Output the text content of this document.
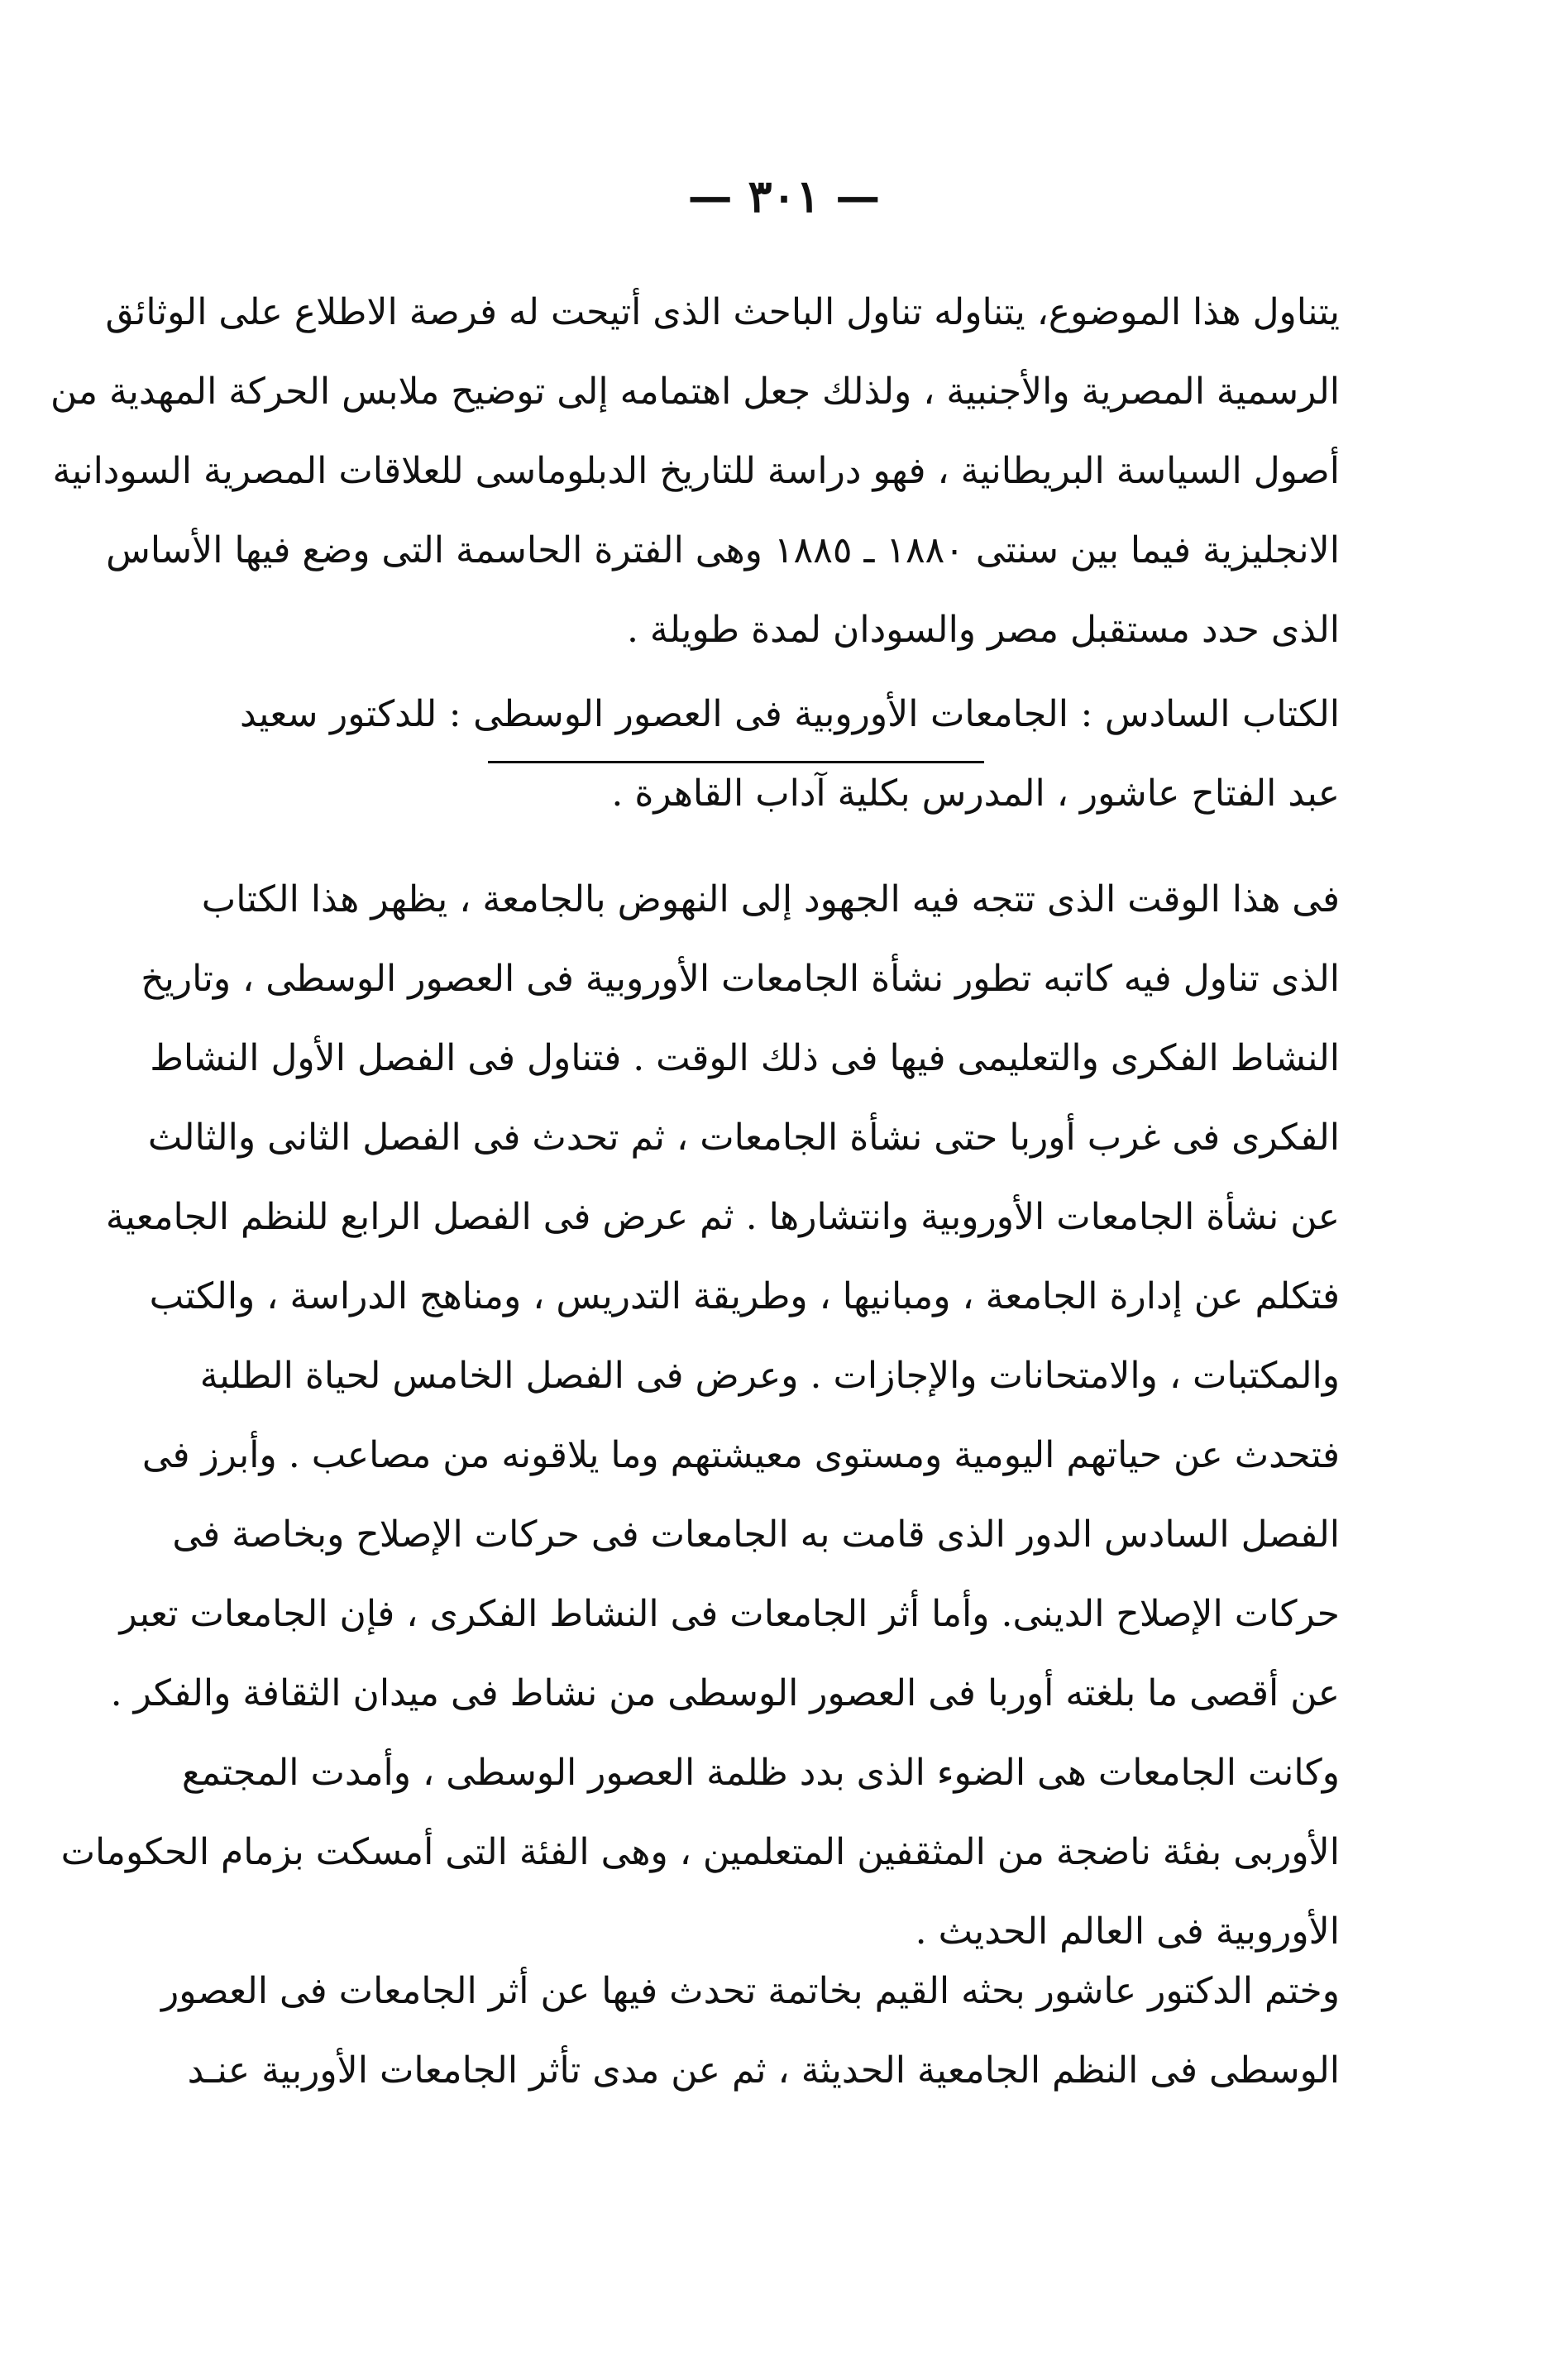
— ٣٠١ —
يتناول هذا الموضوع، يتناوله تناول الباحث الذى أتيحت له فرصة الاطلاع على الوثائق
الرسمية المصرية والأجنبية ، ولذلك جعل اهتمامه إلى توضيح ملابس الحركة المهدية من
أصول السياسة البريطانية ، فهو دراسة للتاريخ الدبلوماسى للعلاقات المصرية السودانية
الانجليزية فيما بين سنتى ١٨٨٠ ـ ١٨٨٥ وهى الفترة الحاسمة التى وضع فيها الأساس
الذى حدد مستقبل مصر والسودان لمدة طويلة .
الكتاب السادس : الجامعات الأوروبية فى العصور الوسطى : للدكتور سعيد
عبد الفتاح عاشور ، المدرس بكلية آداب القاهرة .
فى هذا الوقت الذى تتجه فيه الجهود إلى النهوض بالجامعة ، يظهر هذا الكتاب
الذى تناول فيه كاتبه تطور نشأة الجامعات الأوروبية فى العصور الوسطى ، وتاريخ
النشاط الفكرى والتعليمى فيها فى ذلك الوقت . فتناول فى الفصل الأول النشاط
الفكرى فى غرب أوربا حتى نشأة الجامعات ، ثم تحدث فى الفصل الثانى والثالث
عن نشأة الجامعات الأوروبية وانتشارها . ثم عرض فى الفصل الرابع للنظم الجامعية
فتكلم عن إدارة الجامعة ، ومبانيها ، وطريقة التدريس ، ومناهج الدراسة ، والكتب
والمكتبات ، والامتحانات والإجازات . وعرض فى الفصل الخامس لحياة الطلبة
فتحدث عن حياتهم اليومية ومستوى معيشتهم وما يلاقونه من مصاعب . وأبرز فى
الفصل السادس الدور الذى قامت به الجامعات فى حركات الإصلاح وبخاصة فى
حركات الإصلاح الدينى. وأما أثر الجامعات فى النشاط الفكرى ، فإن الجامعات تعبر
عن أقصى ما بلغته أوربا فى العصور الوسطى من نشاط فى ميدان الثقافة والفكر .
وكانت الجامعات هى الضوء الذى بدد ظلمة العصور الوسطى ، وأمدت المجتمع
الأوربى بفئة ناضجة من المثقفين المتعلمين ، وهى الفئة التى أمسكت بزمام الحكومات
الأوروبية فى العالم الحديث .
وختم الدكتور عاشور بحثه القيم بخاتمة تحدث فيها عن أثر الجامعات فى العصور
الوسطى فى النظم الجامعية الحديثة ، ثم عن مدى تأثر الجامعات الأوربية عنـد
